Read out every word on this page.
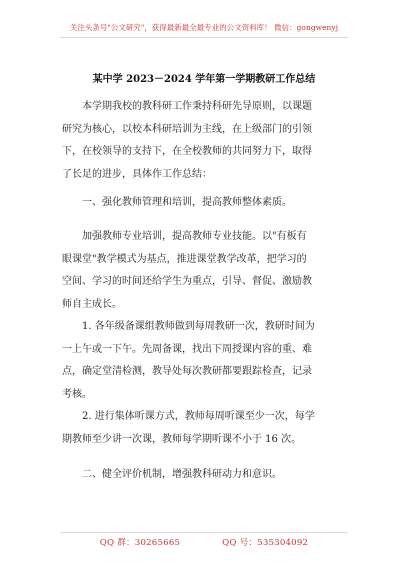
关注头条号"公文研究"，获得最新最全最专业的公文资料库！ 微信：gongwenyj
某中学 2023－2024 学年第一学期教研工作总结
本学期我校的教科研工作秉持科研先导原则，以课题
研究为核心，以校本科研培训为主线，在上级部门的引领
下，在校领导的支持下，在全校教师的共同努力下，取得
了长足的进步，具体作工作总结：
一、强化教师管理和培训，提高教师整体素质。
加强教师专业培训，提高教师专业技能。以"有板有
眼课堂"教学模式为基点，推进课堂教学改革，把学习的
空间、学习的时间还给学生为重点，引导、督促、激励教
师自主成长。
1. 各年级备课组教师做到每周教研一次，教研时间为
一上午或一下午。先周备课，找出下周授课内容的重、难
点，确定堂清检测，教导处每次教研都要跟踪检查，记录
考核。
2. 进行集体听课方式，教师每周听课至少一次，每学
期教师至少讲一次课，教师每学期听课不小于 16 次。
二、健全评价机制，增强教科研动力和意识。
QQ 群：30265665	QQ 号：535304092
